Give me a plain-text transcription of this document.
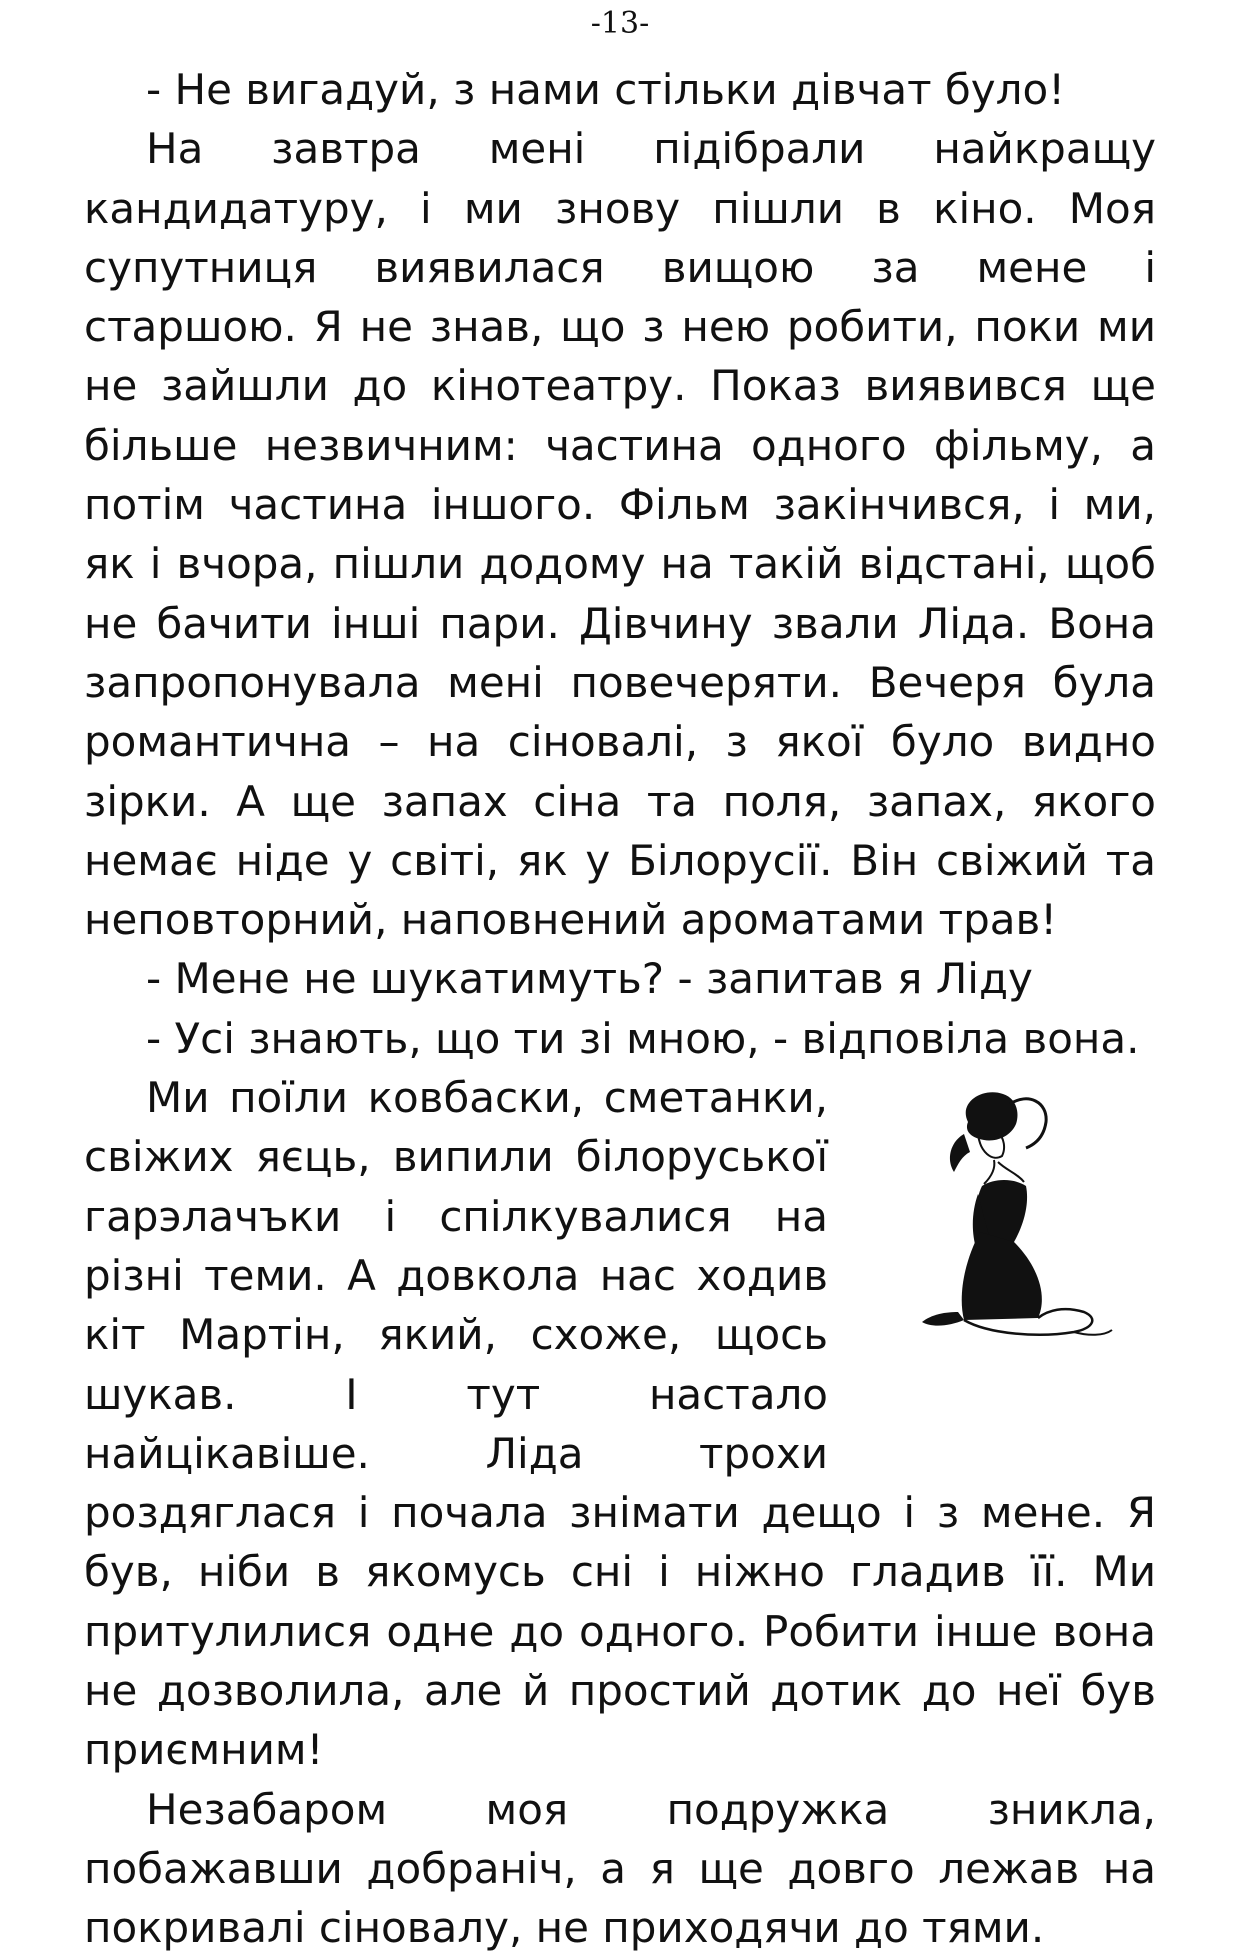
-13-

- Не вигадуй, з нами стільки дівчат було!

На завтра мені підібрали найкращу кандидатуру, і ми знову пішли в кіно. Моя супутниця виявилася вищою за мене і старшою. Я не знав, що з нею робити, поки ми не зайшли до кінотеатру. Показ виявився ще більше незвичним: частина одного фільму, а потім частина іншого. Фільм закінчився, і ми, як і вчора, пішли додому на такій відстані, щоб не бачити інші пари. Дівчину звали Ліда. Вона запропонувала мені повечеряти. Вечеря була романтична – на сіновалі, з якої було видно зірки. А ще запах сіна та поля, запах, якого немає ніде у світі, як у Білорусії. Він свіжий та неповторний, наповнений ароматами трав!

- Мене не шукатимуть? - запитав я Ліду

- Усі знають, що ти зі мною, - відповіла вона.

Ми поїли ковбаски, сметанки, свіжих яєць, випили білоруської гарэлачъки і спілкувалися на різні теми. А довкола нас ходив кіт Мартін, який, схоже, щось шукав. І тут настало найцікавіше. Ліда трохи роздяглася і почала знімати дещо і з мене. Я був, ніби в якомусь сні і ніжно гладив її. Ми притулилися одне до одного. Робити інше вона не дозволила, але й простий дотик до неї був приємним!

Незабаром моя подружка зникла, побажавши добраніч, а я ще довго лежав на покривалі сіновалу, не приходячи до тями.
